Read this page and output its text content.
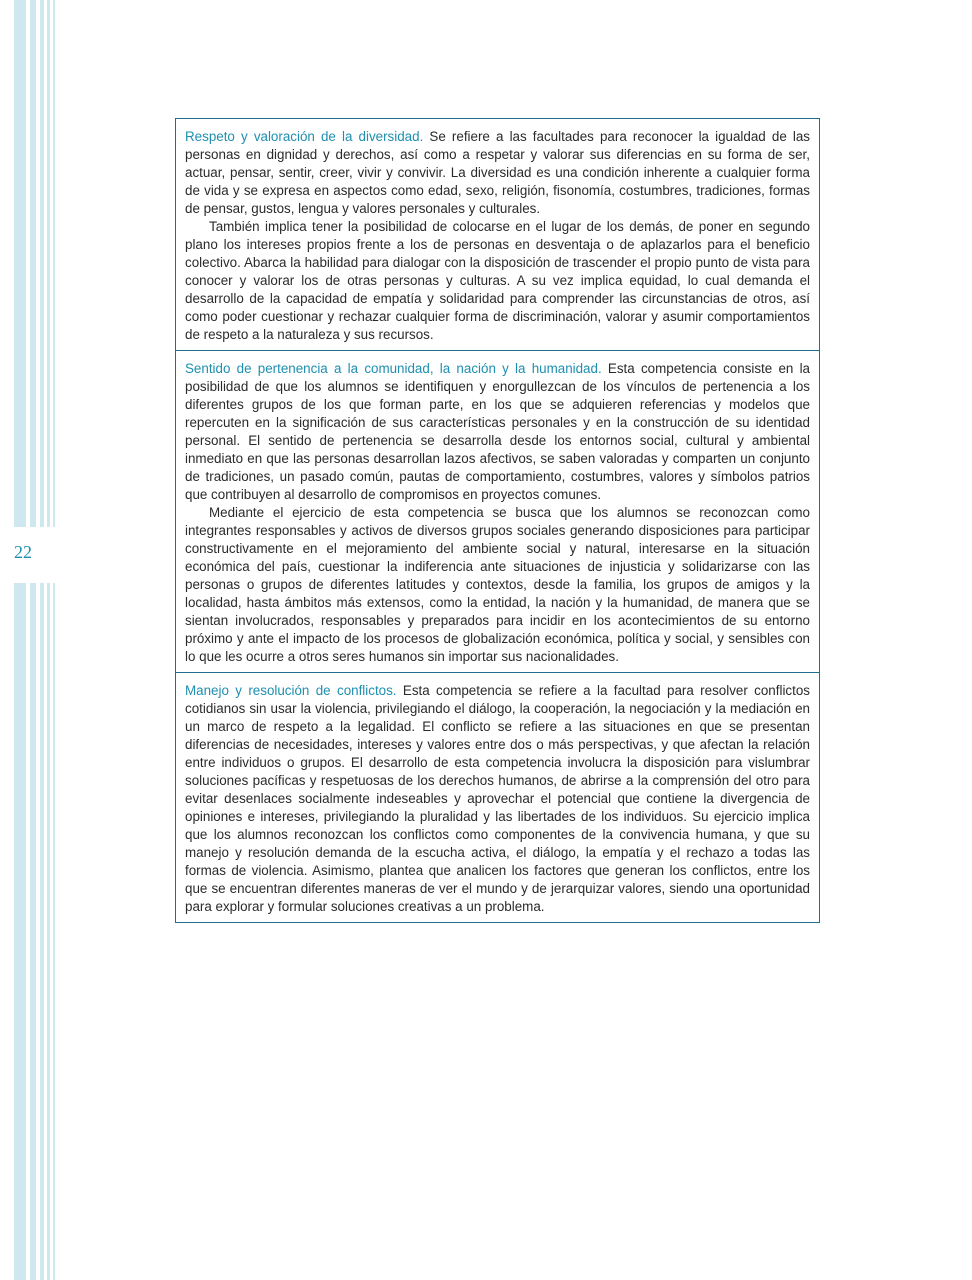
22

Respeto y valoración de la diversidad. Se refiere a las facultades para reconocer la igualdad de las personas en dignidad y derechos, así como a respetar y valorar sus diferencias en su forma de ser, actuar, pensar, sentir, creer, vivir y convivir. La diversidad es una condición inherente a cualquier forma de vida y se expresa en aspectos como edad, sexo, religión, fisonomía, costumbres, tradiciones, formas de pensar, gustos, lengua y valores personales y culturales.

También implica tener la posibilidad de colocarse en el lugar de los demás, de poner en segundo plano los intereses propios frente a los de personas en desventaja o de aplazarlos para el beneficio colectivo. Abarca la habilidad para dialogar con la disposición de trascender el propio punto de vista para conocer y valorar los de otras personas y culturas. A su vez implica equidad, lo cual demanda el desarrollo de la capacidad de empatía y solidaridad para comprender las circunstancias de otros, así como poder cuestionar y rechazar cualquier forma de discriminación, valorar y asumir comportamientos de respeto a la naturaleza y sus recursos.

Sentido de pertenencia a la comunidad, la nación y la humanidad. Esta competencia consiste en la posibilidad de que los alumnos se identifiquen y enorgullezcan de los vínculos de pertenencia a los diferentes grupos de los que forman parte, en los que se adquieren referencias y modelos que repercuten en la significación de sus características personales y en la construcción de su identidad personal. El sentido de pertenencia se desarrolla desde los entornos social, cultural y ambiental inmediato en que las personas desarrollan lazos afectivos, se saben valoradas y comparten un conjunto de tradiciones, un pasado común, pautas de comportamiento, costumbres, valores y símbolos patrios que contribuyen al desarrollo de compromisos en proyectos comunes.

Mediante el ejercicio de esta competencia se busca que los alumnos se reconozcan como integrantes responsables y activos de diversos grupos sociales generando disposiciones para participar constructivamente en el mejoramiento del ambiente social y natural, interesarse en la situación económica del país, cuestionar la indiferencia ante situaciones de injusticia y solidarizarse con las personas o grupos de diferentes latitudes y contextos, desde la familia, los grupos de amigos y la localidad, hasta ámbitos más extensos, como la entidad, la nación y la humanidad, de manera que se sientan involucrados, responsables y preparados para incidir en los acontecimientos de su entorno próximo y ante el impacto de los procesos de globalización económica, política y social, y sensibles con lo que les ocurre a otros seres humanos sin importar sus nacionalidades.

Manejo y resolución de conflictos. Esta competencia se refiere a la facultad para resolver conflictos cotidianos sin usar la violencia, privilegiando el diálogo, la cooperación, la negociación y la mediación en un marco de respeto a la legalidad. El conflicto se refiere a las situaciones en que se presentan diferencias de necesidades, intereses y valores entre dos o más perspectivas, y que afectan la relación entre individuos o grupos. El desarrollo de esta competencia involucra la disposición para vislumbrar soluciones pacíficas y respetuosas de los derechos humanos, de abrirse a la comprensión del otro para evitar desenlaces socialmente indeseables y aprovechar el potencial que contiene la divergencia de opiniones e intereses, privilegiando la pluralidad y las libertades de los individuos. Su ejercicio implica que los alumnos reconozcan los conflictos como componentes de la convivencia humana, y que su manejo y resolución demanda de la escucha activa, el diálogo, la empatía y el rechazo a todas las formas de violencia. Asimismo, plantea que analicen los factores que generan los conflictos, entre los que se encuentran diferentes maneras de ver el mundo y de jerarquizar valores, siendo una oportunidad para explorar y formular soluciones creativas a un problema.
